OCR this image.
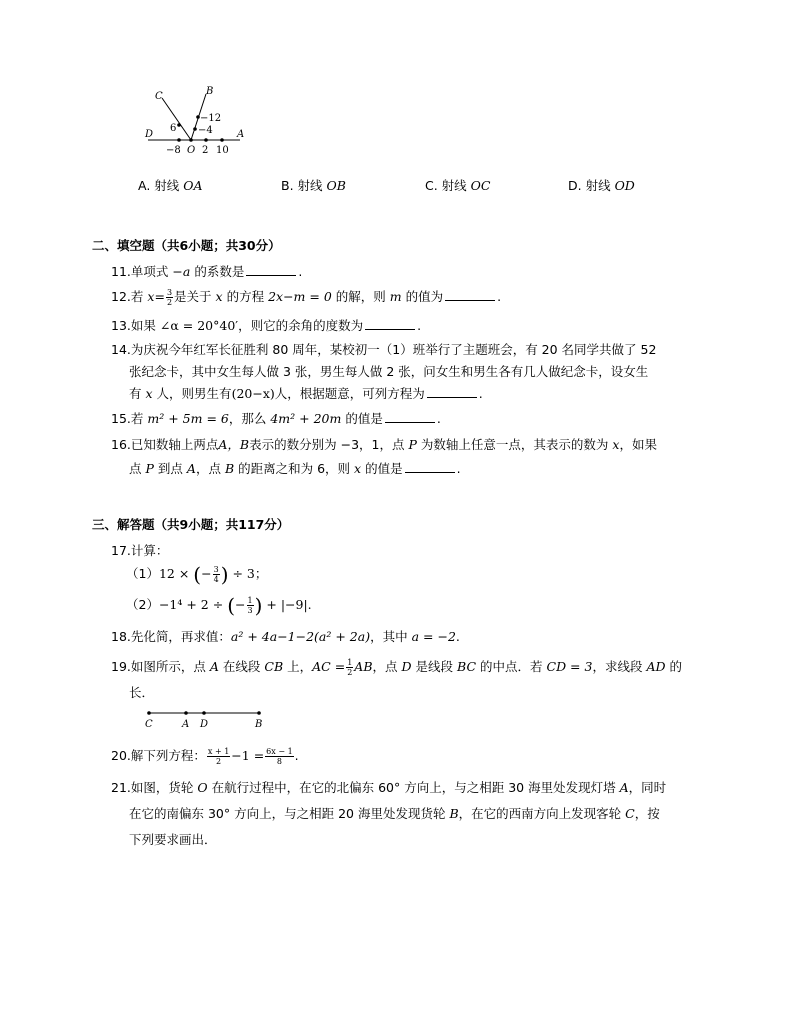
C	B
D	A
O
−12
−4
6
−8 2 10
A. 射线 OA	B. 射线 OB	C. 射线 OC	D. 射线 OD
二、填空题（共6小题；共30分）
11.单项式 −a 的系数是	.
12.若 $x= \frac{3}{2}$ 是关于 x 的方程 2x−m = 0 的解，则 m 的值为	.
13.如果 ∠α = 20°40′，则它的余角的度数为	.
14.为庆祝今年红军长征胜利 80 周年，某校初一（1）班举行了主题班会，有 20 名同学共做了 52
张纪念卡，其中女生每人做 3 张，男生每人做 2 张，问女生和男生各有几人做纪念卡，设女生
有 x 人，则男生有(20−x)人，根据题意，可列方程为	.
15.若 m² + 5m = 6，那么 4m² + 20m 的值是	.
16.已知数轴上两点A，B表示的数分别为 −3，1，点 P 为数轴上任意一点，其表示的数为 x，如果
点 P 到点 A，点 B 的距离之和为 6，则 x 的值是	.
三、解答题（共9小题；共117分）
17.计算：
（1）12 × (− $\frac{3}{4}$ ) ÷ 3；
（2）−1⁴ + 2 ÷ (− $\frac{1}{3}$ ) + |−9|.
18.先化简，再求值：a² + 4a−1−2(a² + 2a)，其中 a = −2.
19.如图所示，点 A 在线段 CB 上，AC = $\frac{1}{2}$ AB，点 D 是线段 BC 的中点．若 CD = 3，求线段 AD 的
长．
C	A D	B
20.解下列方程： $\frac{x + 1}{2} -1 = \frac{6x - 1}{8}$ .
21.如图，货轮 O 在航行过程中，在它的北偏东 60° 方向上，与之相距 30 海里处发现灯塔 A，同时
在它的南偏东 30° 方向上，与之相距 20 海里处发现货轮 B，在它的西南方向上发现客轮 C，按
下列要求画出．
